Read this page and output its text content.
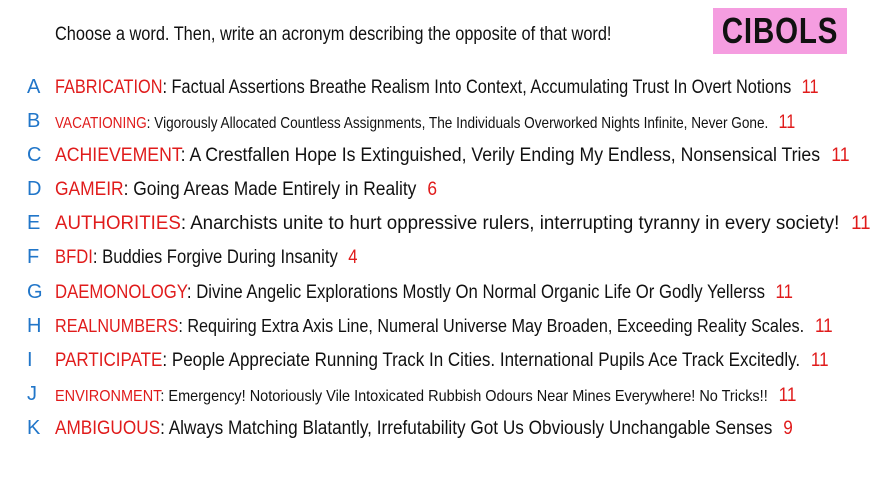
Choose a word. Then, write an acronym describing the opposite of that word!	CIBOLS
A FABRICATION: Factual Assertions Breathe Realism Into Context, Accumulating Trust In Overt Notions 11
B VACATIONING: Vigorously Allocated Countless Assignments, The Individuals Overworked Nights Infinite, Never Gone. 11
C ACHIEVEMENT: A Crestfallen Hope Is Extinguished, Verily Ending My Endless, Nonsensical Tries 11
D GAMEIR: Going Areas Made Entirely in Reality 6
E AUTHORITIES: Anarchists unite to hurt oppressive rulers, interrupting tyranny in every society! 11
F BFDI: Buddies Forgive During Insanity 4
G DAEMONOLOGY: Divine Angelic Explorations Mostly On Normal Organic Life Or Godly Yellerss 11
H REALNUMBERS: Requiring Extra Axis Line, Numeral Universe May Broaden, Exceeding Reality Scales. 11
I PARTICIPATE: People Appreciate Running Track In Cities. International Pupils Ace Track Excitedly. 11
J ENVIRONMENT: Emergency! Notoriously Vile Intoxicated Rubbish Odours Near Mines Everywhere! No Tricks!! 11
K AMBIGUOUS: Always Matching Blatantly, Irrefutability Got Us Obviously Unchangable Senses 9
